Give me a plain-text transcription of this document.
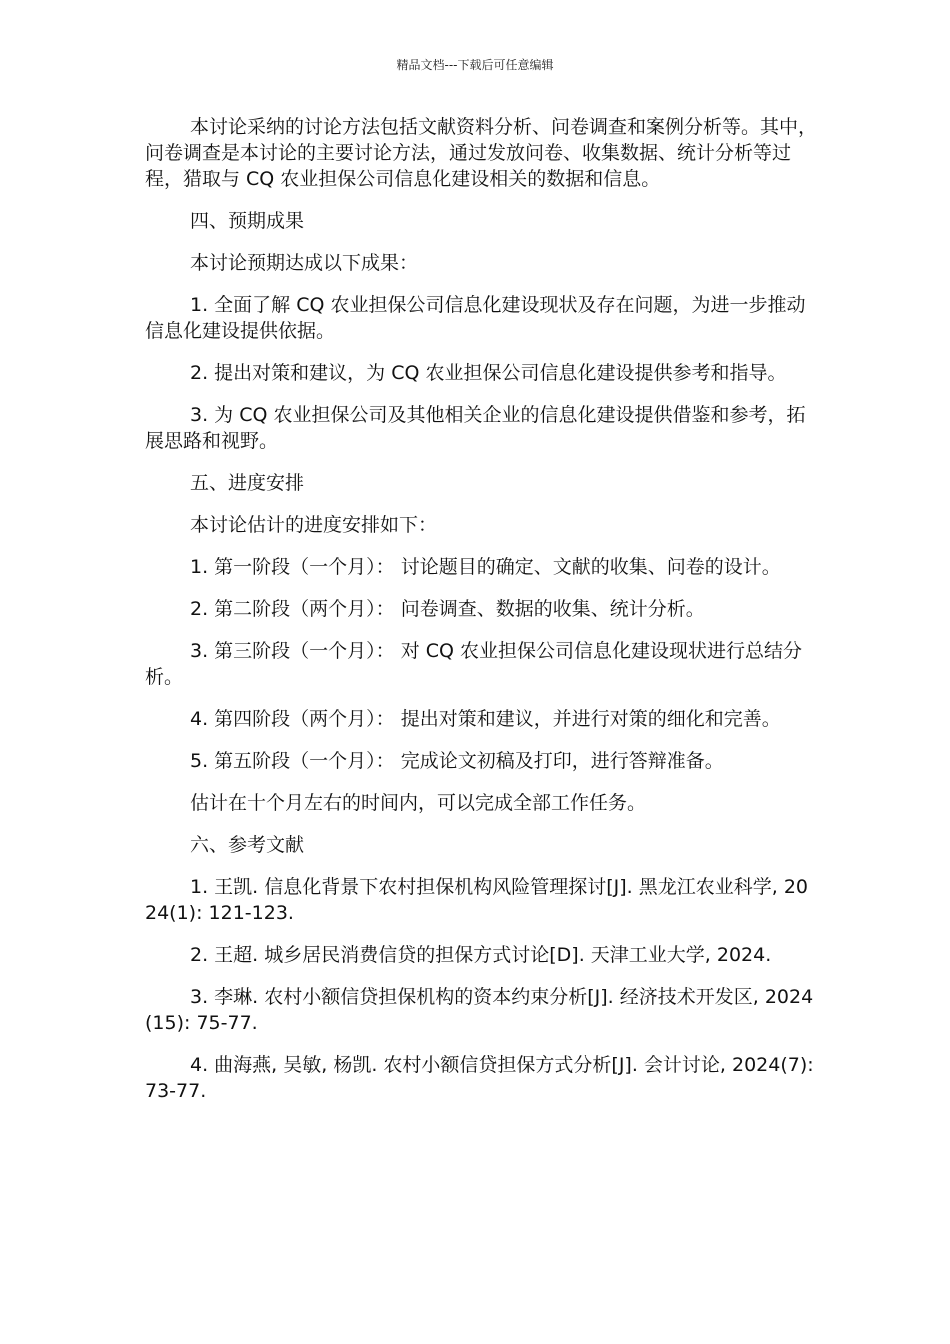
精品文档---下载后可任意编辑

本讨论采纳的讨论方法包括文献资料分析、问卷调查和案例分析等。其中，问卷调查是本讨论的主要讨论方法，通过发放问卷、收集数据、统计分析等过程，猎取与 CQ 农业担保公司信息化建设相关的数据和信息。

四、预期成果

本讨论预期达成以下成果：

1. 全面了解 CQ 农业担保公司信息化建设现状及存在问题，为进一步推动信息化建设提供依据。

2. 提出对策和建议，为 CQ 农业担保公司信息化建设提供参考和指导。

3. 为 CQ 农业担保公司及其他相关企业的信息化建设提供借鉴和参考，拓展思路和视野。

五、进度安排

本讨论估计的进度安排如下：

1. 第一阶段（一个月）： 讨论题目的确定、文献的收集、问卷的设计。

2. 第二阶段（两个月）： 问卷调查、数据的收集、统计分析。

3. 第三阶段（一个月）： 对 CQ 农业担保公司信息化建设现状进行总结分析。

4. 第四阶段（两个月）： 提出对策和建议，并进行对策的细化和完善。

5. 第五阶段（一个月）： 完成论文初稿及打印，进行答辩准备。

估计在十个月左右的时间内，可以完成全部工作任务。

六、参考文献

1. 王凯. 信息化背景下农村担保机构风险管理探讨[J]. 黑龙江农业科学, 2024(1): 121-123.

2. 王超. 城乡居民消费信贷的担保方式讨论[D]. 天津工业大学, 2024.

3. 李琳. 农村小额信贷担保机构的资本约束分析[J]. 经济技术开发区, 2024(15): 75-77.

4. 曲海燕, 吴敏, 杨凯. 农村小额信贷担保方式分析[J]. 会计讨论, 2024(7): 73-77.
